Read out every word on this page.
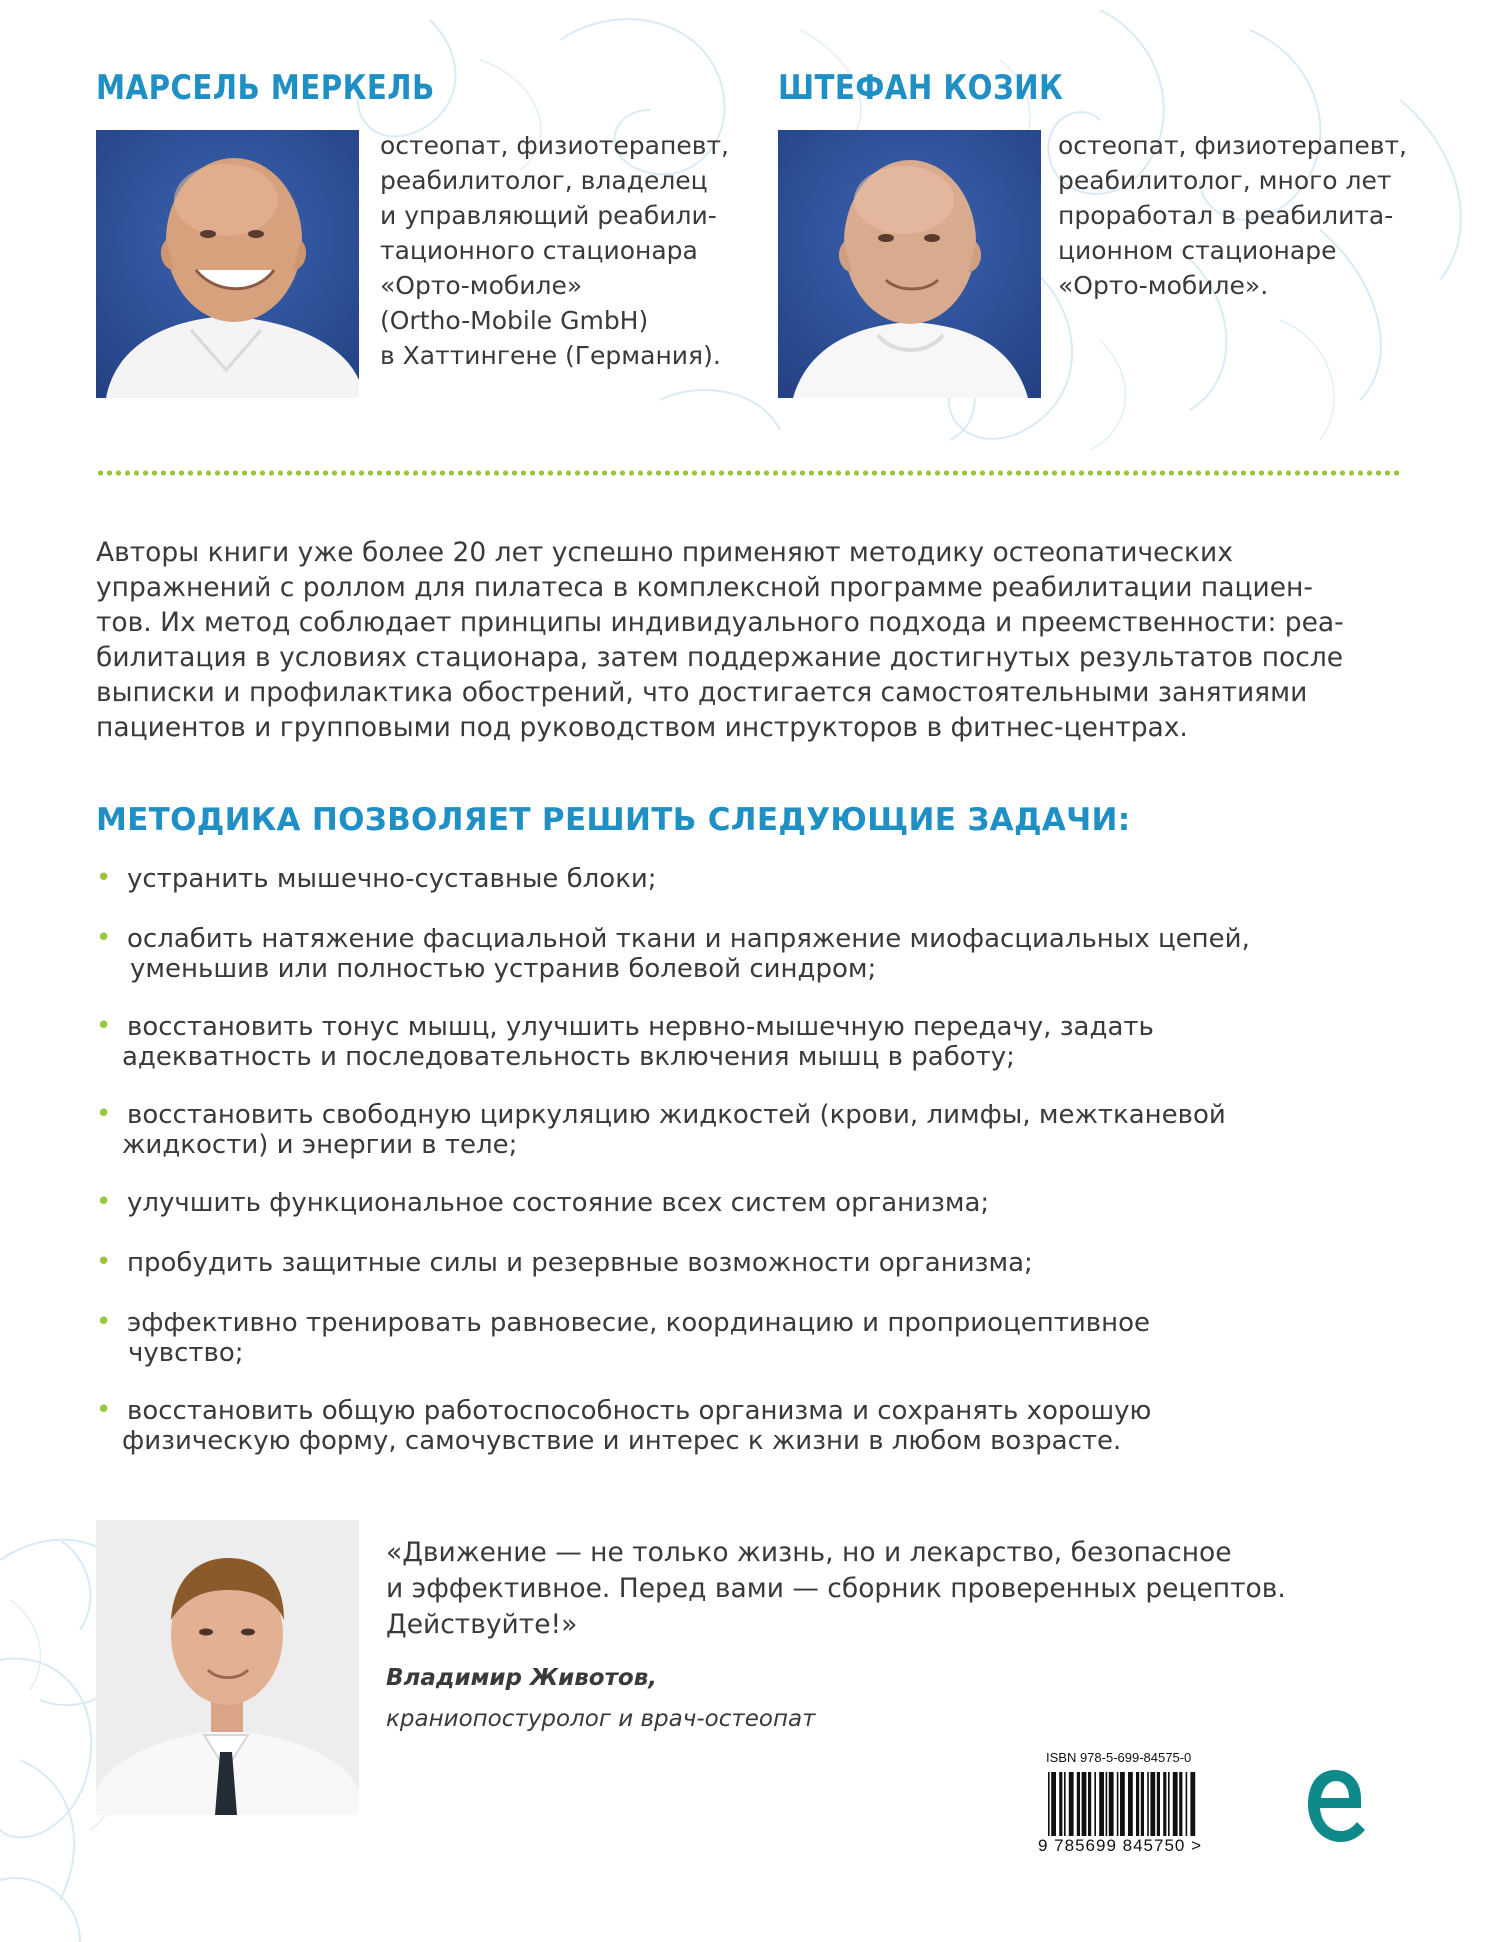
МАРСЕЛЬ МЕРКЕЛЬ

остеопат, физиотерапевт,
реабилитолог, владелец
и управляющий реабили-
тационного стационара
«Орто-мобиле»
(Ortho-Mobile GmbH)
в Хаттингене (Германия).

ШТЕФАН КОЗИК

остеопат, физиотерапевт,
реабилитолог, много лет
проработал в реабилита-
ционном стационаре
«Орто-мобиле».

Авторы книги уже более 20 лет успешно применяют методику остеопатических
упражнений с роллом для пилатеса в комплексной программе реабилитации пациен-
тов. Их метод соблюдает принципы индивидуального подхода и преемственности: реа-
билитация в условиях стационара, затем поддержание достигнутых результатов после
выписки и профилактика обострений, что достигается самостоятельными занятиями
пациентов и групповыми под руководством инструкторов в фитнес-центрах.

МЕТОДИКА ПОЗВОЛЯЕТ РЕШИТЬ СЛЕДУЮЩИЕ ЗАДАЧИ:
• устранить мышечно-суставные блоки;
• ослабить натяжение фасциальной ткани и напряжение миофасциальных цепей,
уменьшив или полностью устранив болевой синдром;
• восстановить тонус мышц, улучшить нервно-мышечную передачу, задать
адекватность и последовательность включения мышц в работу;
• восстановить свободную циркуляцию жидкостей (крови, лимфы, межтканевой
жидкости) и энергии в теле;
• улучшить функциональное состояние всех систем организма;
• пробудить защитные силы и резервные возможности организма;
• эффективно тренировать равновесие, координацию и проприоцептивное
чувство;
• восстановить общую работоспособность организма и сохранять хорошую
физическую форму, самочувствие и интерес к жизни в любом возрасте.

«Движение — не только жизнь, но и лекарство, безопасное
и эффективное. Перед вами — сборник проверенных рецептов.
Действуйте!»

Владимир Животов,

краниопостуролог и врач-остеопат

ISBN 978-5-699-84575-0

9 785699 845750 >
